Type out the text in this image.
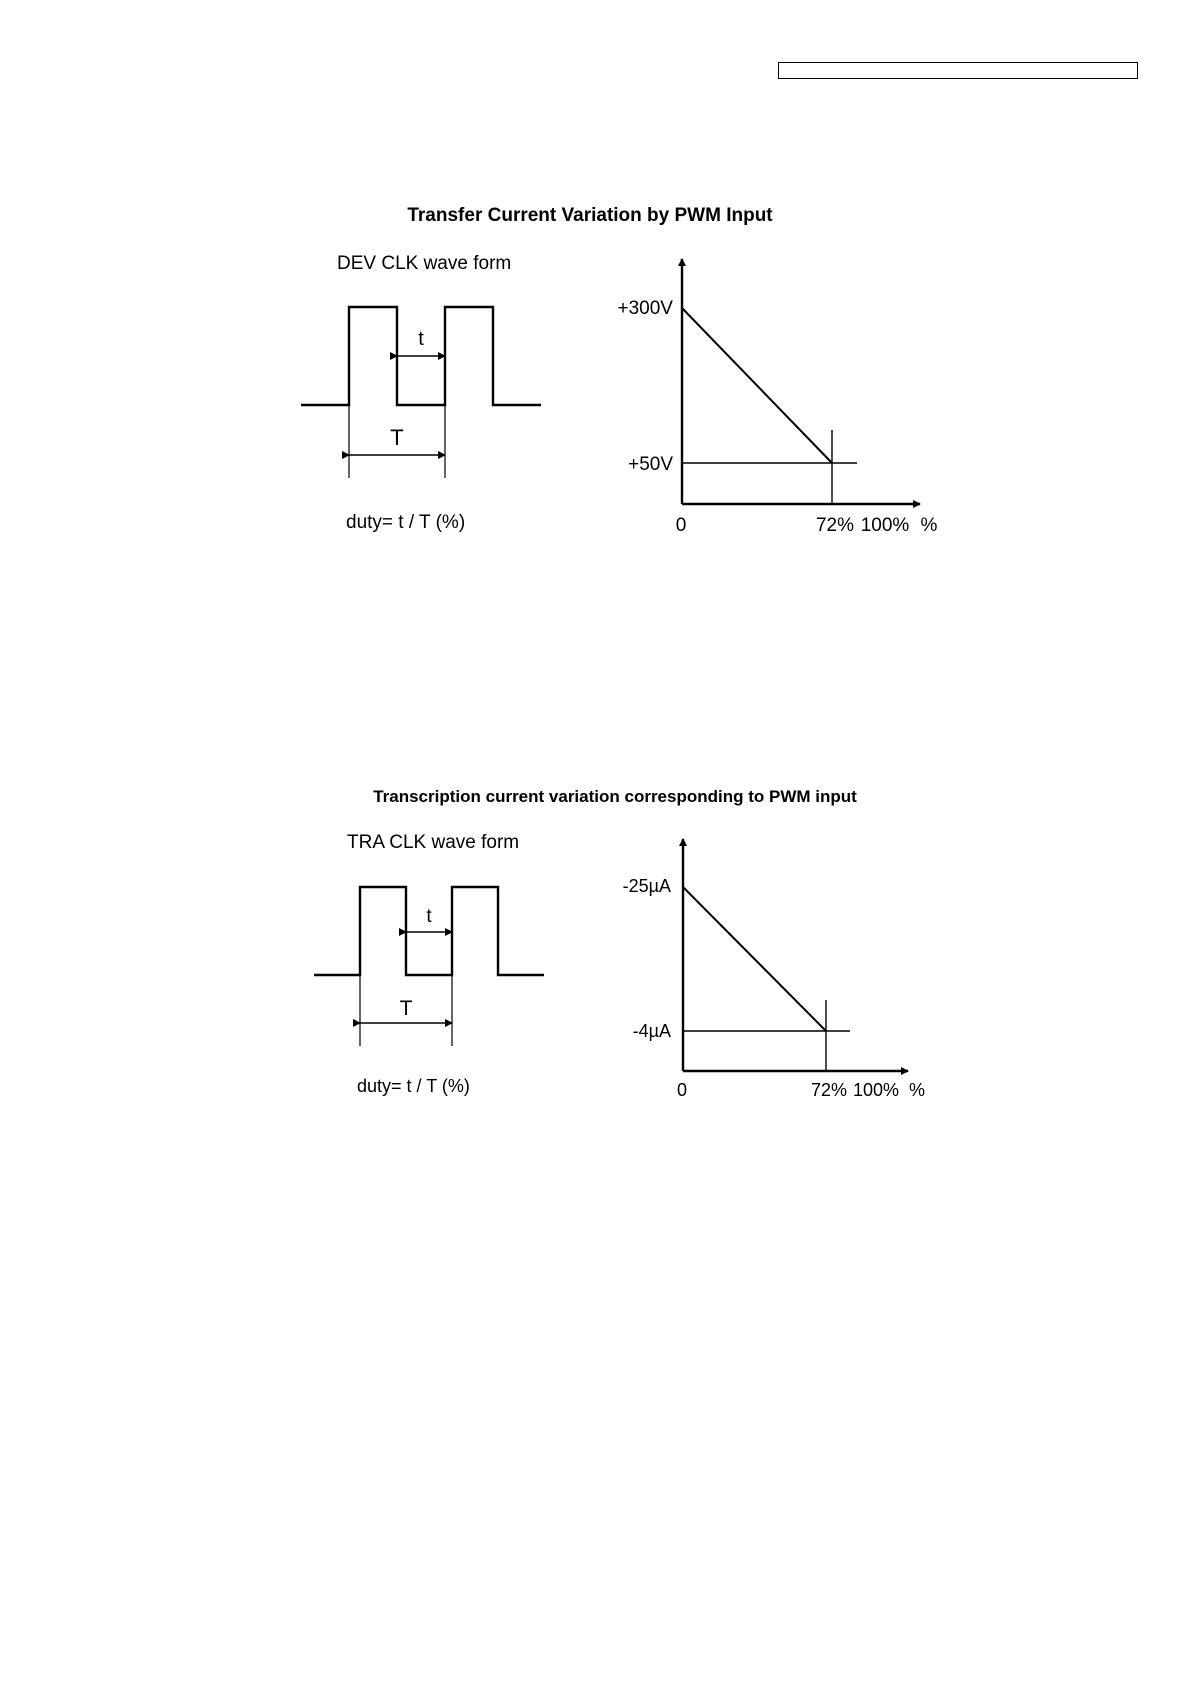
Transfer Current Variation by PWM Input
DEV CLK wave form
t
T
duty= t / T (%)
+300V
+50V
0	72% 100% %
Transcription current variation corresponding to PWM input
TRA CLK wave form
t
T
duty= t / T (%)
-25µA
-4µA
0	72% 100% %
